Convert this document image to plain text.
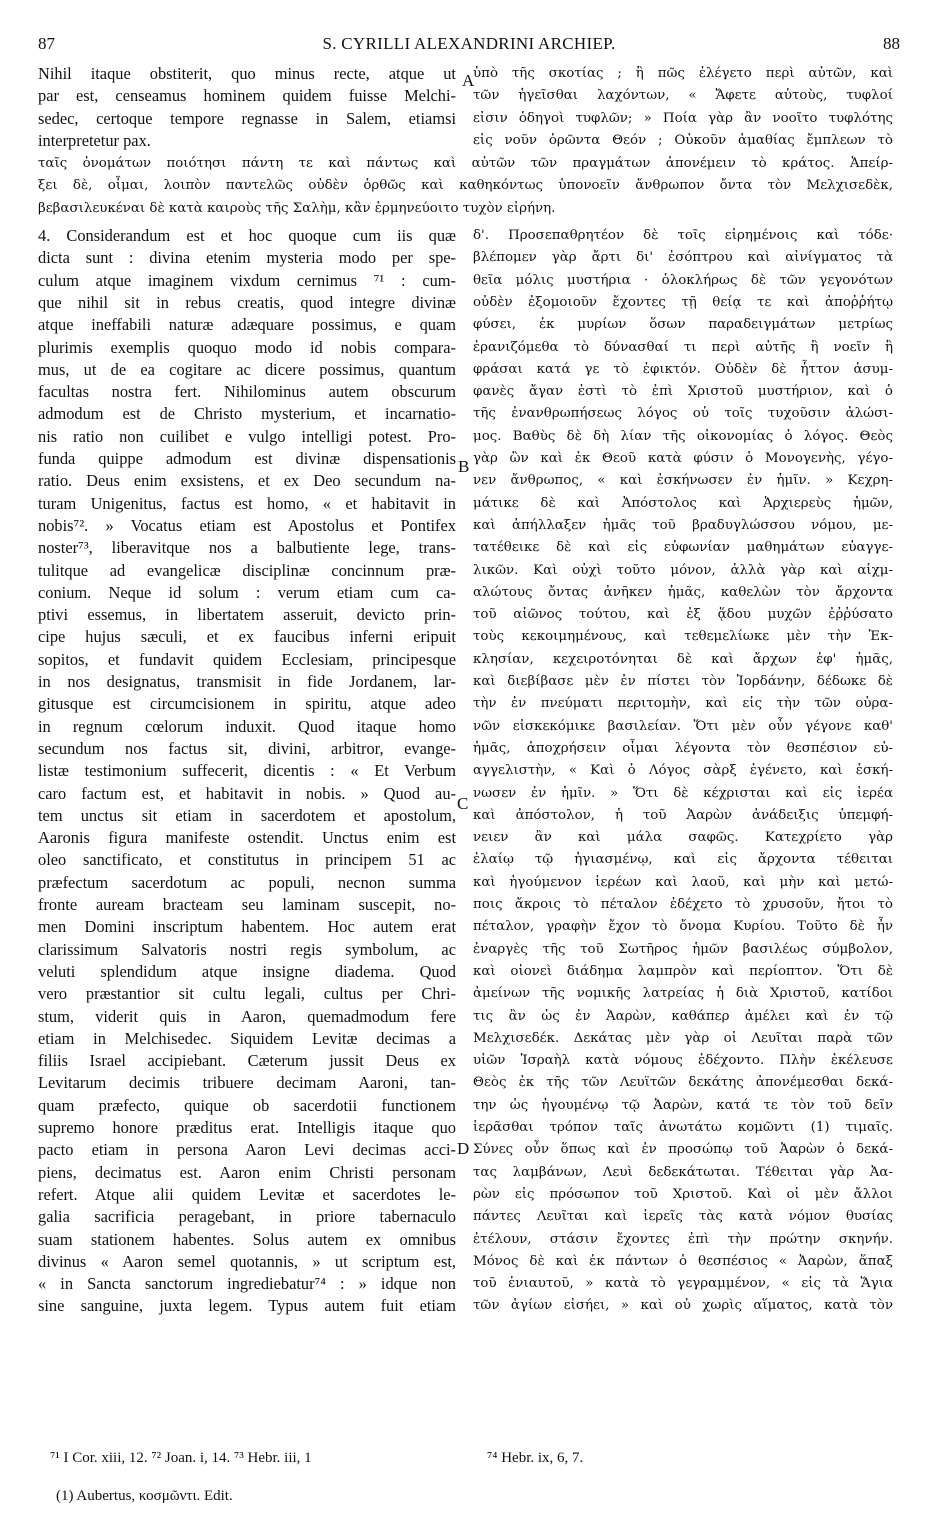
87	S. CYRILLI ALEXANDRINI ARCHIEP.	88
A
B
C
D
Nihil itaque obstiterit, quo minus recte, atque ut
par est, censeamus hominem quidem fuisse Melchi-
sedec, certoque tempore regnasse in Salem, etiamsi
interpretetur pax.
ὑπὸ τῆς σκοτίας ; ἢ πῶς ἐλέγετο περὶ αὐτῶν, καὶ
τῶν ἡγεῖσθαι λαχόντων, « Ἄφετε αὐτοὺς, τυφλοί
εἰσιν ὁδηγοὶ τυφλῶν; » Ποία γὰρ ἂν νοοῖτο τυφλότης
εἰς νοῦν ὁρῶντα Θεόν ; Οὐκοῦν ἁμαθίας ἔμπλεων τὸ
ταῖς ὀνομάτων ποιότησι πάντη τε καὶ πάντως καὶ αὐτῶν τῶν πραγμάτων ἀπονέμειν τὸ κράτος. Ἀπείρ-
ξει δὲ, οἶμαι, λοιπὸν παντελῶς οὐδὲν ὀρθῶς καὶ καθηκόντως ὑπονοεῖν ἄνθρωπον ὄντα τὸν Μελχισεδὲκ,
βεβασιλευκέναι δὲ κατὰ καιροὺς τῆς Σαλὴμ, κἂν ἑρμηνεύοιτο τυχὸν εἰρήνη.
4. Considerandum est et hoc quoque cum iis quæ
dicta sunt : divina etenim mysteria modo per spe-
culum atque imaginem vixdum cernimus ⁷¹ : cum-
que nihil sit in rebus creatis, quod integre divinæ
atque ineffabili naturæ adæquare possimus, e quam
plurimis exemplis quoquo modo id nobis compara-
mus, ut de ea cogitare ac dicere possimus, quantum
facultas nostra fert. Nihilominus autem obscurum
admodum est de Christo mysterium, et incarnatio-
nis ratio non cuilibet e vulgo intelligi potest. Pro-
funda quippe admodum est divinæ dispensationis
ratio. Deus enim exsistens, et ex Deo secundum na-
turam Unigenitus, factus est homo, « et habitavit in
nobis⁷². » Vocatus etiam est Apostolus et Pontifex
noster⁷³, liberavitque nos a balbutiente lege, trans-
tulitque ad evangelicæ disciplinæ concinnum præ-
conium. Neque id solum : verum etiam cum ca-
ptivi essemus, in libertatem asseruit, devicto prin-
cipe hujus sæculi, et ex faucibus inferni eripuit
sopitos, et fundavit quidem Ecclesiam, principesque
in nos designatus, transmisit in fide Jordanem, lar-
gitusque est circumcisionem in spiritu, atque adeo
in regnum cœlorum induxit. Quod itaque homo
secundum nos factus sit, divini, arbitror, evange-
listæ testimonium suffecerit, dicentis : « Et Verbum
caro factum est, et habitavit in nobis. » Quod au-
tem unctus sit etiam in sacerdotem et apostolum,
Aaronis figura manifeste ostendit. Unctus enim est
oleo sanctificato, et constitutus in principem 51 ac
præfectum sacerdotum ac populi, necnon summa
fronte auream bracteam seu laminam suscepit, no-
men Domini inscriptum habentem. Hoc autem erat
clarissimum Salvatoris nostri regis symbolum, ac
veluti splendidum atque insigne diadema. Quod
vero præstantior sit cultu legali, cultus per Chri-
stum, viderit quis in Aaron, quemadmodum fere
etiam in Melchisedec. Siquidem Levitæ decimas a
filiis Israel accipiebant. Cæterum jussit Deus ex
Levitarum decimis tribuere decimam Aaroni, tan-
quam præfecto, quique ob sacerdotii functionem
supremo honore præditus erat. Intelligis itaque quo
pacto etiam in persona Aaron Levi decimas acci-
piens, decimatus est. Aaron enim Christi personam
refert. Atque alii quidem Levitæ et sacerdotes le-
galia sacrificia peragebant, in priore tabernaculo
suam stationem habentes. Solus autem ex omnibus
divinus « Aaron semel quotannis, » ut scriptum est,
« in Sancta sanctorum ingrediebatur⁷⁴ : » idque non
sine sanguine, juxta legem. Typus autem fuit etiam
δ'. Προσεπαθρητέον δὲ τοῖς εἰρημένοις καὶ τόδε·
βλέπομεν γὰρ ἄρτι δι' ἐσόπτρου καὶ αἰνίγματος τὰ
θεῖα μόλις μυστήρια · ὁλοκλήρως δὲ τῶν γεγονότων
οὐδὲν ἐξομοιοῦν ἔχοντες τῇ θείᾳ τε καὶ ἀποῤῥήτῳ
φύσει, ἐκ μυρίων ὅσων παραδειγμάτων μετρίως
ἐρανιζόμεθα τὸ δύνασθαί τι περὶ αὐτῆς ἢ νοεῖν ἢ
φράσαι κατά γε τὸ ἐφικτόν. Οὐδὲν δὲ ἧττον ἀσυμ-
φανὲς ἄγαν ἐστὶ τὸ ἐπὶ Χριστοῦ μυστήριον, καὶ ὁ
τῆς ἐνανθρωπήσεως λόγος οὐ τοῖς τυχοῦσιν ἁλώσι-
μος. Βαθὺς δὲ δὴ λίαν τῆς οἰκονομίας ὁ λόγος. Θεὸς
γὰρ ὢν καὶ ἐκ Θεοῦ κατὰ φύσιν ὁ Μονογενὴς, γέγο-
νεν ἄνθρωπος, « καὶ ἐσκήνωσεν ἐν ἡμῖν. » Κεχρη-
μάτικε δὲ καὶ Ἀπόστολος καὶ Ἀρχιερεὺς ἡμῶν,
καὶ ἀπήλλαξεν ἡμᾶς τοῦ βραδυγλώσσου νόμου, με-
τατέθεικε δὲ καὶ εἰς εὐφωνίαν μαθημάτων εὐαγγε-
λικῶν. Καὶ οὐχὶ τοῦτο μόνον, ἀλλὰ γὰρ καὶ αἰχμ-
αλώτους ὄντας ἀνῆκεν ἡμᾶς, καθελὼν τὸν ἄρχοντα
τοῦ αἰῶνος τούτου, καὶ ἐξ ᾅδου μυχῶν ἐῤῥύσατο
τοὺς κεκοιμημένους, καὶ τεθεμελίωκε μὲν τὴν Ἐκ-
κλησίαν, κεχειροτόνηται δὲ καὶ ἄρχων ἐφ' ἡμᾶς,
καὶ διεβίβασε μὲν ἐν πίστει τὸν Ἰορδάνην, δέδωκε δὲ
τὴν ἐν πνεύματι περιτομὴν, καὶ εἰς τὴν τῶν οὐρα-
νῶν εἰσκεκόμικε βασιλείαν. Ὅτι μὲν οὖν γέγονε καθ'
ἡμᾶς, ἀποχρήσειν οἶμαι λέγοντα τὸν θεσπέσιον εὐ-
αγγελιστὴν, « Καὶ ὁ Λόγος σὰρξ ἐγένετο, καὶ ἐσκή-
νωσεν ἐν ἡμῖν. » Ὅτι δὲ κέχρισται καὶ εἰς ἱερέα
καὶ ἀπόστολον, ἡ τοῦ Ἀαρὼν ἀνάδειξις ὑπεμφή-
νειεν ἂν καὶ μάλα σαφῶς. Κατεχρίετο γὰρ
ἐλαίῳ τῷ ἡγιασμένῳ, καὶ εἰς ἄρχοντα τέθειται
καὶ ἡγούμενον ἱερέων καὶ λαοῦ, καὶ μὴν καὶ μετώ-
ποις ἄκροις τὸ πέταλον ἐδέχετο τὸ χρυσοῦν, ἤτοι τὸ
πέταλον, γραφὴν ἔχον τὸ ὄνομα Κυρίου. Τοῦτο δὲ ἦν
ἐναργὲς τῆς τοῦ Σωτῆρος ἡμῶν βασιλέως σύμβολον,
καὶ οἱονεὶ διάδημα λαμπρὸν καὶ περίοπτον. Ὅτι δὲ
ἀμείνων τῆς νομικῆς λατρείας ἡ διὰ Χριστοῦ, κατίδοι
τις ἂν ὡς ἐν Ἀαρὼν, καθάπερ ἀμέλει καὶ ἐν τῷ
Μελχισεδέκ. Δεκάτας μὲν γὰρ οἱ Λευῖται παρὰ τῶν
υἱῶν Ἰσραὴλ κατὰ νόμους ἐδέχοντο. Πλὴν ἐκέλευσε
Θεὸς ἐκ τῆς τῶν Λευϊτῶν δεκάτης ἀπονέμεσθαι δεκά-
την ὡς ἡγουμένῳ τῷ Ἀαρὼν, κατά τε τὸν τοῦ δεῖν
ἱερᾶσθαι τρόπον ταῖς ἀνωτάτω κομῶντι (1) τιμαῖς.
Σύνες οὖν ὅπως καὶ ἐν προσώπῳ τοῦ Ἀαρὼν ὁ δεκά-
τας λαμβάνων, Λευὶ δεδεκάτωται. Τέθειται γὰρ Ἀα-
ρὼν εἰς πρόσωπον τοῦ Χριστοῦ. Καὶ οἱ μὲν ἄλλοι
πάντες Λευῖται καὶ ἱερεῖς τὰς κατὰ νόμον θυσίας
ἐτέλουν, στάσιν ἔχοντες ἐπὶ τὴν πρώτην σκηνήν.
Μόνος δὲ καὶ ἐκ πάντων ὁ θεσπέσιος « Ἀαρὼν, ἅπαξ
τοῦ ἐνιαυτοῦ, » κατὰ τὸ γεγραμμένον, « εἰς τὰ Ἅγια
τῶν ἁγίων εἰσήει, » καὶ οὐ χωρὶς αἵματος, κατὰ τὸν
⁷¹ I Cor. xiii, 12. ⁷² Joan. i, 14. ⁷³ Hebr. iii, 1	⁷⁴ Hebr. ix, 6, 7.
(1) Aubertus, κοσμῶντι. Edit.
